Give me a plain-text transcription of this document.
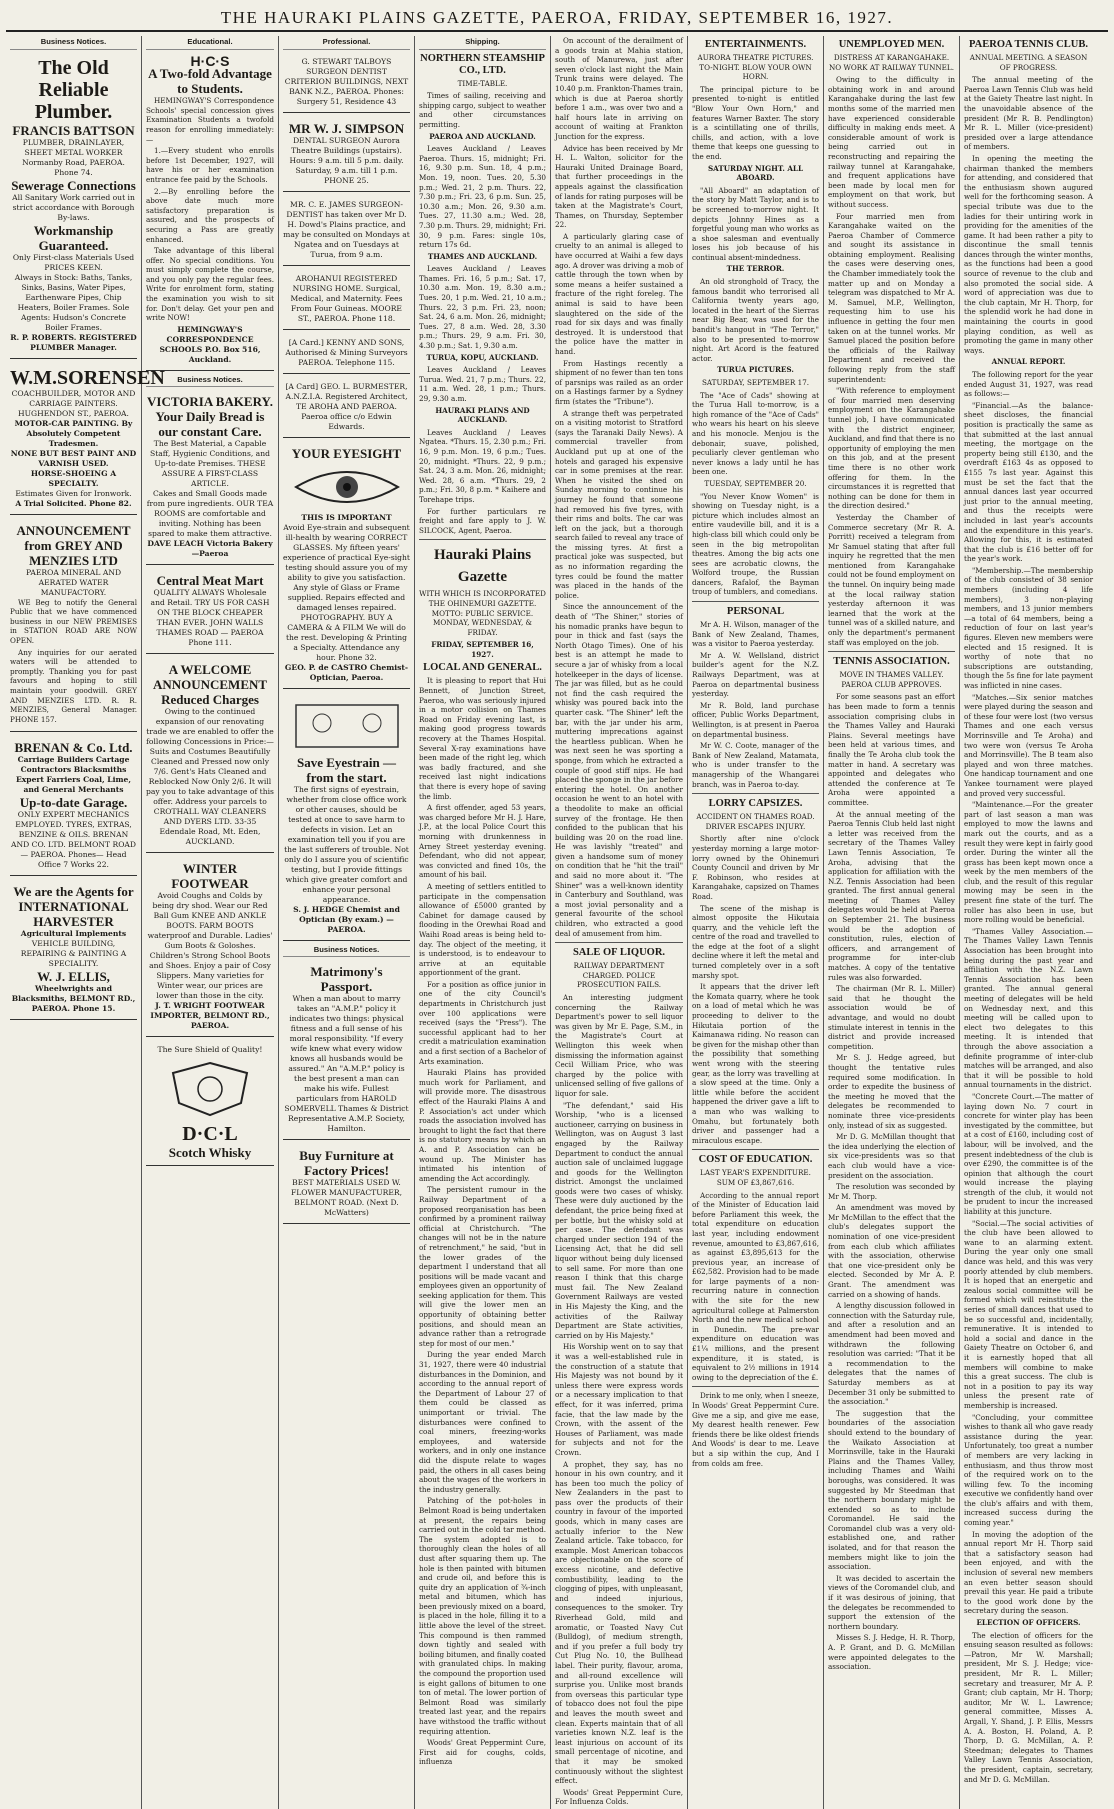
THE HAURAKI PLAINS GAZETTE, PAEROA, FRIDAY, SEPTEMBER 16, 1927.
Business Notices.
The Old Reliable Plumber.
FRANCIS BATTSON
PLUMBER, DRAINLAYER, SHEET METAL WORKER Normanby Road, PAEROA. Phone 74.
Sewerage Connections
All Sanitary Work carried out in strict accordance with Borough By-laws.
Workmanship Guaranteed.
Only First-class Materials Used PRICES KEEN.
Always in Stock: Baths, Tanks, Sinks, Basins, Water Pipes, Earthenware Pipes, Chip Heaters, Boiler Frames. Sole Agents: Hudson's Concrete Boiler Frames.
R. P. ROBERTS. REGISTERED PLUMBER Manager.
W.M.SORENSEN
COACHBUILDER, MOTOR AND CARRIAGE PAINTERS. HUGHENDON ST., PAEROA.
MOTOR-CAR PAINTING. By Absolutely Competent Tradesmen.
NONE BUT BEST PAINT AND VARNISH USED.
HORSE-SHOEING A SPECIALTY.
Estimates Given for Ironwork.
A Trial Solicited. Phone 82.
ANNOUNCEMENT from GREY AND MENZIES LTD
PAEROA MINERAL AND AERATED WATER MANUFACTORY.

WE Beg to notify the General Public that we have commenced business in our NEW PREMISES in STATION ROAD ARE NOW OPEN.

Any inquiries for our aerated waters will be attended to promptly. Thanking you for past favours and hoping to still maintain your goodwill. GREY AND MENZIES LTD. R. R. MENZIES, General Manager. PHONE 157.

BRENAN & Co. Ltd.
Carriage Builders Cartage Contractors Blacksmiths Expert Farriers Coal, Lime, and General Merchants
Up-to-date Garage.
ONLY EXPERT MECHANICS EMPLOYED. TYRES, EXTRAS, BENZINE & OILS. BRENAN AND CO. LTD. BELMONT ROAD — PAEROA. Phones— Head Office 7 Works 22.
We are the Agents for INTERNATIONAL HARVESTER
Agricultural Implements
VEHICLE BUILDING, REPAIRING & PAINTING A SPECIALITY.
W. J. ELLIS,
Wheelwrights and Blacksmiths, BELMONT RD., PAEROA. Phone 15.
Educational.
H·C·S
A Two-fold Advantage to Students.

HEMINGWAY'S Correspondence Schools' special concession gives Examination Students a twofold reason for enrolling immediately:—

1.—Every student who enrolls before 1st December, 1927, will have his or her examination entrance fee paid by the Schools.

2.—By enrolling before the above date much more satisfactory preparation is assured, and the prospects of securing a Pass are greatly enhanced.

Take advantage of this liberal offer. No special conditions. You must simply complete the course, and you only pay the regular fees. Write for enrolment form, stating the examination you wish to sit for. Don't delay. Get your pen and write NOW!

HEMINGWAY'S CORRESPONDENCE SCHOOLS P.O. Box 516, Auckland.
Business Notices.
VICTORIA BAKERY.
Your Daily Bread is our constant Care.
The Best Material, a Capable Staff, Hygienic Conditions, and Up-to-date Premises. THESE ASSURE A FIRST-CLASS ARTICLE.
Cakes and Small Goods made from pure ingredients. OUR TEA ROOMS are comfortable and inviting. Nothing has been spared to make them attractive.
DAVE LEACH Victoria Bakery—Paeroa
Central Meat Mart
QUALITY ALWAYS Wholesale and Retail. TRY US FOR CASH ON THE BLOCK CHEAPER THAN EVER. JOHN WALLS THAMES ROAD — PAEROA Phone 111.
A WELCOME ANNOUNCEMENT Reduced Charges
Owing to the continued expansion of our renovating trade we are enabled to offer the following Concessions in Price:— Suits and Costumes Beautifully Cleaned and Pressed now only 7/6. Gent's Hats Cleaned and Reblocked Now Only 2/6. It will pay you to take advantage of this offer. Address your parcels to CROTHALL WAY CLEANERS AND DYERS LTD. 33-35 Edendale Road, Mt. Eden, AUCKLAND.
WINTER FOOTWEAR
Avoid Coughs and Colds by being dry shod. Wear our Red Ball Gum KNEE AND ANKLE BOOTS. FARM BOOTS waterproof and Durable. Ladies' Gum Boots & Goloshes. Children's Strong School Boots and Shoes. Enjoy a pair of Cosy Slippers. Many varieties for Winter wear, our prices are lower than those in the city.
J. T. WRIGHT FOOTWEAR IMPORTER, BELMONT RD., PAEROA.
The Sure Shield of Quality!
D·C·L
Scotch Whisky
Professional.
G. STEWART TALBOYS SURGEON DENTIST CRITERION BUILDINGS, NEXT BANK N.Z., PAEROA. Phones: Surgery 51, Residence 43
MR W. J. SIMPSON
DENTAL SURGEON Aurora Theatre Buildings (upstairs). Hours: 9 a.m. till 5 p.m. daily. Saturday, 9 a.m. till 1 p.m. PHONE 25.
MR. C. E. JAMES SURGEON-DENTIST has taken over Mr D. H. Dowd's Plains practice, and may be consulted on Mondays at Ngatea and on Tuesdays at Turua, from 9 a.m.
AROHANUI REGISTERED NURSING HOME. Surgical, Medical, and Maternity. Fees From Four Guineas. MOORE ST., PAEROA. Phone 118.
[A Card.] KENNY AND SONS, Authorised & Mining Surveyors PAEROA. Telephone 115.
[A Card] GEO. L. BURMESTER, A.N.Z.I.A. Registered Architect, TE AROHA AND PAEROA. Paeroa office c/o Edwin Edwards.
YOUR EYESIGHT
THIS IS IMPORTANT
Avoid Eye-strain and subsequent ill-health by wearing CORRECT GLASSES. My fifteen years' experience of practical Eye-sight testing should assure you of my ability to give you satisfaction. Any style of Glass or Frame supplied. Repairs effected and damaged lenses repaired.
PHOTOGRAPHY. BUY A CAMERA & A FILM We will do the rest. Developing & Printing a Specialty. Attendance any hour. Phone 32.
GEO. P. de CASTRO Chemist-Optician, Paeroa.
Save Eyestrain — from the start.
The first signs of eyestrain, whether from close office work or other causes, should be tested at once to save harm to defects in vision. Let an examination tell you if you are the last sufferers of trouble. Not only do I assure you of scientific testing, but I provide fittings which give greater comfort and enhance your personal appearance.
S. J. HEDGE Chemist and Optician (By exam.) — PAEROA.
Business Notices.
Matrimony's Passport.
When a man about to marry takes an "A.M.P." policy it indicates two things: physical fitness and a full sense of his moral responsibility. "If every wife knew what every widow knows all husbands would be assured." An "A.M.P." policy is the best present a man can make his wife. Fullest particulars from HAROLD SOMERVELL Thames & District Representative A.M.P. Society, Hamilton.
Buy Furniture at Factory Prices!
BEST MATERIALS USED W. FLOWER MANUFACTURER, BELMONT ROAD. (Next D. McWatters)
Shipping.
NORTHERN STEAMSHIP CO., LTD.
TIME-TABLE.

Times of sailing, receiving and shipping cargo, subject to weather and other circumstances permitting.

PAEROA AND AUCKLAND.

Leaves Auckland / Leaves Paeroa. Thurs. 15, midnight; Fri. 16, 9.30 p.m. Sun. 18, 4 p.m.; Mon. 19, noon. Tues. 20, 5.30 p.m.; Wed. 21, 2 p.m. Thurs. 22, 7.30 p.m.; Fri. 23, 6 p.m. Sun. 25, 10.30 a.m.; Mon. 26, 9.30 a.m. Tues. 27, 11.30 a.m.; Wed. 28, 7.30 p.m. Thurs. 29, midnight; Fri. 30, 9 p.m. Fares: single 10s, return 17s 6d.

THAMES AND AUCKLAND.

Leaves Auckland / Leaves Thames. Fri. 16, 5 p.m.; Sat. 17, 10.30 a.m. Mon. 19, 8.30 a.m.; Tues. 20, 1 p.m. Wed. 21, 10 a.m.; Thurs. 22, 3 p.m. Fri. 23, noon; Sat. 24, 6 a.m. Mon. 26, midnight; Tues. 27, 8 a.m. Wed. 28, 3.30 p.m.; Thurs. 29, 9 a.m. Fri. 30, 4.30 p.m.; Sat. 1, 9.30 a.m.

TURUA, KOPU, AUCKLAND.

Leaves Auckland / Leaves Turua. Wed. 21, 7 p.m.; Thurs. 22, 11 a.m. Wed. 28, 1 p.m.; Thurs. 29, 9.30 a.m.

HAURAKI PLAINS AND AUCKLAND.

Leaves Auckland / Leaves Ngatea. *Thurs. 15, 2.30 p.m.; Fri. 16, 9 p.m. Mon. 19, 6 p.m.; Tues. 20, midnight. *Thurs. 22, 9 p.m.; Sat. 24, 3 a.m. Mon. 26, midnight; Wed. 28, 6 a.m. *Thurs. 29, 2 p.m.; Fri. 30, 8 p.m. * Kaihere and Torehape trips.

For further particulars re freight and fare apply to J. W. SILCOCK, Agent, Paeroa.

Hauraki Plains Gazette
WITH WHICH IS INCORPORATED THE OHINEMURI GAZETTE. MOTTO: PUBLIC SERVICE. MONDAY, WEDNESDAY, & FRIDAY.
FRIDAY, SEPTEMBER 16, 1927.
LOCAL AND GENERAL.

It is pleasing to report that Hui Bennett, of Junction Street, Paeroa, who was seriously injured in a motor collision on Thames Road on Friday evening last, is making good progress towards recovery at the Thames Hospital. Several X-ray examinations have been made of the right leg, which was badly fractured, and she received last night indications that there is every hope of saving the limb.

A first offender, aged 53 years, was charged before Mr H. J. Hare, J.P., at the local Police Court this morning with drunkenness in Arney Street yesterday evening. Defendant, who did not appear, was convicted and fined 10s, the amount of his bail.

A meeting of settlers entitled to participate in the compensation allowance of £5000 granted by Cabinet for damage caused by flooding in the Orewhai Road and Waihi Road areas is being held to-day. The object of the meeting, it is understood, is to endeavour to arrive at an equitable apportionment of the grant.

For a position as office junior in one of the city Council's departments in Christchurch just over 100 applications were received (says the "Press"). The successful applicant had to her credit a matriculation examination and a first section of a Bachelor of Arts examination.

Hauraki Plains has provided much work for Parliament, and will provide more. The disastrous effect of the Hauraki Plains A and P. Association's act under which roads the association involved has brought to light the fact that there is no statutory means by which an A. and P. Association can be wound up. The Minister has intimated his intention of amending the Act accordingly.

The persistent rumour in the Railway Department of a proposed reorganisation has been confirmed by a prominent railway official at Christchurch. "The changes will not be in the nature of retrenchment," he said, "but in the lower grades of the department I understand that all positions will be made vacant and employees given an opportunity of seeking application for them. This will give the lower men an opportunity of obtaining better positions, and should mean an advance rather than a retrograde step for most of our men."

During the year ended March 31, 1927, there were 40 industrial disturbances in the Dominion, and according to the annual report of the Department of Labour 27 of them could be classed as unimportant or trivial. The disturbances were confined to coal miners, freezing-works employees, and waterside workers, and in only one instance did the dispute relate to wages paid, the others in all cases being about the wages of the workers in the industry generally.

Patching of the pot-holes in Belmont Road is being undertaken at present, the repairs being carried out in the cold tar method. The system adopted is to thoroughly clean the holes of all dust after squaring them up. The hole is then painted with bitumen and crude oil, and before this is quite dry an application of ¾-inch metal and bitumen, which has been previously mixed on a board, is placed in the hole, filling it to a little above the level of the street. This compound is then rammed down tightly and sealed with boiling bitumen, and finally coated with granulated chips. In making the compound the proportion used is eight gallons of bitumen to one ton of metal. The lower portion of Belmont Road was similarly treated last year, and the repairs have withstood the traffic without requiring attention.

Woods' Great Peppermint Cure, First aid for coughs, colds, influenza

On account of the derailment of a goods train at Mahia station, south of Manurewa, just after seven o'clock last night the Main Trunk trains were delayed. The 10.40 p.m. Frankton-Thames train, which is due at Paeroa shortly before 1 a.m., was over two and a half hours late in arriving on account of waiting at Frankton Junction for the express.

Advice has been received by Mr H. L. Walton, solicitor for the Hauraki United Drainage Board, that further proceedings in the appeals against the classification of lands for rating purposes will be taken at the Magistrate's Court, Thames, on Thursday, September 22.

A particularly glaring case of cruelty to an animal is alleged to have occurred at Waihi a few days ago. A drover was driving a mob of cattle through the town when by some means a heifer sustained a fracture of the right foreleg. The animal is said to have been slaughtered on the side of the road for six days and was finally destroyed. It is understood that the police have the matter in hand.

From Hastings recently a shipment of no fewer than ten tons of parsnips was railed as an order on a Hastings farmer by a Sydney firm (states the "Tribune").

A strange theft was perpetrated on a visiting motorist to Stratford (says the Taranaki Daily News). A commercial traveller from Auckland put up at one of the hotels and garaged his expensive car in some premises at the rear. When he visited the shed on Sunday morning to continue his journey he found that someone had removed his five tyres, with their rims and bolts. The car was left on the jack, but a thorough search failed to reveal any trace of the missing tyres. At first a practical joke was suspected, but as no information regarding the tyres could be found the matter was placed in the hands of the police.

Since the announcement of the death of "The Shiner," stories of his nomadic pranks have begun to pour in thick and fast (says the North Otago Times). One of his best is an attempt he made to secure a jar of whisky from a local hotelkeeper in the days of license. The jar was filled, but as he could not find the cash required the whisky was poured back into the quarter cask. "The Shiner" left the bar, with the jar under his arm, muttering imprecations against the heartless publican. When he was next seen he was sporting a sponge, from which he extracted a couple of good stiff nips. He had placed the sponge in the jar before entering the hotel. On another occasion he went to an hotel with a theodolite to make an official survey of the frontage. He then confided to the publican that his building was 20 on the road line. He was lavishly "treated" and given a handsome sum of money on condition that he "hit the trail" and said no more about it. "The Shiner" was a well-known identity in Canterbury and Southland, was a most jovial personality and a general favourite of the school children, who extracted a good deal of amusement from him.

SALE OF LIQUOR.
RAILWAY DEPARTMENT CHARGED. POLICE PROSECUTION FAILS.

An interesting judgment concerning the Railway Department's power to sell liquor was given by Mr E. Page, S.M., in the Magistrate's Court at Wellington this week when dismissing the information against Cecil William Price, who was charged by the police with unlicensed selling of five gallons of liquor for sale.

"The defendant," said His Worship, "who is a licensed auctioneer, carrying on business in Wellington, was on August 3 last engaged by the Railway Department to conduct the annual auction sale of unclaimed luggage and goods for the Wellington district. Amongst the unclaimed goods were two cases of whisky. These were duly auctioned by the defendant, the price being fixed at per bottle, but the whisky sold at per case. The defendant was charged under section 194 of the Licensing Act, that he did sell liquor without being duly licensed to sell same. For more than one reason I think that this charge must fail. The New Zealand Government Railways are vested in His Majesty the King, and the activities of the Railway Department are State activities, carried on by His Majesty."

His Worship went on to say that it was a well-established rule in the construction of a statute that His Majesty was not bound by it unless there were express words or a necessary implication to that effect, for it was inferred, prima facie, that the law made by the Crown, with the assent of the Houses of Parliament, was made for subjects and not for the Crown.

A prophet, they say, has no honour in his own country, and it has been too much the policy of New Zealanders in the past to pass over the products of their country in favour of the imported goods, which in many cases are actually inferior to the New Zealand article. Take tobacco, for example. Most American tobaccos are objectionable on the score of excess nicotine, and defective combustibility, leading to the clogging of pipes, with unpleasant, and indeed injurious, consequences to the smoker. Try Riverhead Gold, mild and aromatic, or Toasted Navy Cut (Bulldog), of medium strength, and if you prefer a full body try Cut Plug No. 10, the Bullhead label. Their purity, flavour, aroma, and all-round excellence will surprise you. Unlike most brands from overseas this particular type of tobacco does not foul the pipe and leaves the mouth sweet and clean. Experts maintain that of all varieties known N.Z. leaf is the least injurious on account of its small percentage of nicotine, and that it may be smoked continuously without the slightest effect.

Woods' Great Peppermint Cure, For Influenza Colds.

ENTERTAINMENTS.
AURORA THEATRE PICTURES. TO-NIGHT. BLOW YOUR OWN HORN.

The principal picture to be presented to-night is entitled "Blow Your Own Horn," and features Warner Baxter. The story is a scintillating one of thrills, chills, and action, with a love theme that keeps one guessing to the end.

SATURDAY NIGHT. ALL ABOARD.

"All Aboard" an adaptation of the story by Matt Taylor, and is to be screened to-morrow night. It depicts Johnny Hines as a forgetful young man who works as a shoe salesman and eventually loses his job because of his continual absent-mindedness.

THE TERROR.

An old stronghold of Tracy, the famous bandit who terrorised all California twenty years ago, located in the heart of the Sierras near Big Bear, was used for the bandit's hangout in "The Terror," also to be presented to-morrow night. Art Acord is the featured actor.

TURUA PICTURES.
SATURDAY, SEPTEMBER 17.

The "Ace of Cads" showing at the Turua Hall to-morrow, is a high romance of the "Ace of Cads" who wears his heart on his sleeve and his monocle. Menjou is the debonair, suave, polished, peculiarly clever gentleman who never knows a lady until he has been one.

TUESDAY, SEPTEMBER 20.

"You Never Know Women" is showing on Tuesday night, is a picture which includes almost an entire vaudeville bill, and it is a high-class bill which could only be seen in the big metropolitan theatres. Among the big acts one sees are acrobatic clowns, the Wolford troupe, the Russian dancers, Rafalof, the Bayman troup of tumblers, and comedians.

PERSONAL

Mr A. H. Wilson, manager of the Bank of New Zealand, Thames, was a visitor to Paeroa yesterday.

Mr A. W. Wellsland, district builder's agent for the N.Z. Railways Department, was at Paeroa on departmental business yesterday.

Mr R. Bold, land purchase officer, Public Works Department, Wellington, is at present in Paeroa on departmental business.

Mr W. C. Coote, manager of the Bank of New Zealand, Matamata, who is under transfer to the managership of the Whangarei branch, was in Paeroa to-day.

LORRY CAPSIZES.
ACCIDENT ON THAMES ROAD. DRIVER ESCAPES INJURY.

Shortly after nine o'clock yesterday morning a large motor-lorry owned by the Ohinemuri County Council and driven by Mr F. Robinson, who resides at Karangahake, capsized on Thames Road.

The scene of the mishap is almost opposite the Hikutaia quarry, and the vehicle left the centre of the road and travelled to the edge at the foot of a slight decline where it left the metal and turned completely over in a soft marshy spot.

It appears that the driver left the Komata quarry, where he took on a load of metal which he was proceeding to deliver to the Hikutaia portion of the Kaimanawa riding. No reason can be given for the mishap other than the possibility that something went wrong with the steering gear, as the lorry was travelling at a slow speed at the time. Only a little while before the accident happened the driver gave a lift to a man who was walking to Omahu, but fortunately both driver and passenger had a miraculous escape.

COST OF EDUCATION.
LAST YEAR'S EXPENDITURE. SUM OF £3,867,616.

According to the annual report of the Minister of Education laid before Parliament this week, the total expenditure on education last year, including endowment revenue, amounted to £3,867,616, as against £3,895,613 for the previous year, an increase of £62,582. Provision had to be made for large payments of a non-recurring nature in connection with the site for the new agricultural college at Palmerston North and the new medical school in Dunedin. The pre-war expenditure on education was £1¼ millions, and the present expenditure, it is stated, is equivalent to 2½ millions in 1914 owing to the depreciation of the £.

Drink to me only, when I sneeze, In Woods' Great Peppermint Cure. Give me a sip, and give me ease, My dearest health renewer. Few friends there be like oldest friends And Woods' is dear to me. Leave but a sip within the cup, And I from colds am free.

UNEMPLOYED MEN.
DISTRESS AT KARANGAHAKE. NO WORK AT RAILWAY TUNNEL.

Owing to the difficulty in obtaining work in and around Karangahake during the last few months some of the married men have experienced considerable difficulty in making ends meet. A considerable amount of work is being carried out in reconstructing and repairing the railway tunnel at Karangahake, and frequent applications have been made by local men for employment on that work, but without success.

Four married men from Karangahake waited on the Paeroa Chamber of Commerce and sought its assistance in obtaining employment. Realising the cases were deserving ones, the Chamber immediately took the matter up and on Monday a telegram was dispatched to Mr A. M. Samuel, M.P., Wellington, requesting him to use his influence in getting the four men taken on at the tunnel works. Mr Samuel placed the position before the officials of the Railway Department and received the following reply from the staff superintendent:

"With reference to employment of four married men deserving employment on the Karangahake tunnel job, I have communicated with the district engineer, Auckland, and find that there is no opportunity of employing the men on this job, and at the present time there is no other work offering for them. In the circumstances it is regretted that nothing can be done for them in the direction desired."

Yesterday the Chamber of Commerce secretary (Mr R. A. Porritt) received a telegram from Mr Samuel stating that after full inquiry he regretted that the men mentioned from Karangahake could not be found employment on the tunnel. On inquiry being made at the local railway station yesterday afternoon it was learned that the work at the tunnel was of a skilled nature, and only the department's permanent staff was employed on the job.

TENNIS ASSOCIATION.
MOVE IN THAMES VALLEY. PAEROA CLUB APPROVES.

For some seasons past an effort has been made to form a tennis association comprising clubs in the Thames Valley and Hauraki Plains. Several meetings have been held at various times, and finally the Te Aroha club took the matter in hand. A secretary was appointed and delegates who attended the conference at Te Aroha were appointed a committee.

At the annual meeting of the Paeroa Tennis Club held last night a letter was received from the secretary of the Thames Valley Lawn Tennis Association, Te Aroha, advising that the application for affiliation with the N.Z. Tennis Association had been granted. The first annual general meeting of Thames Valley delegates would be held at Paeroa on September 21. The business would be the adoption of constitution, rules, election of officers, and arrangement of programme for inter-club matches. A copy of the tentative rules was also forwarded.

The chairman (Mr R. L. Miller) said that he thought the association would be of advantage, and would no doubt stimulate interest in tennis in the district and provide increased competition.

Mr S. J. Hedge agreed, but thought the tentative rules required some modification. In order to expedite the business of the meeting he moved that the delegates be recommended to nominate three vice-presidents only, instead of six as suggested.

Mr D. G. McMillan thought that the idea underlying the election of six vice-presidents was so that each club would have a vice-president on the association.

The resolution was seconded by Mr M. Thorp.

An amendment was moved by Mr McMillan to the effect that the club's delegates support the nomination of one vice-president from each club which affiliates with the association, otherwise that one vice-president only be elected. Seconded by Mr A. P. Grant. The amendment was carried on a showing of hands.

A lengthy discussion followed in connection with the Saturday rule, and after a resolution and an amendment had been moved and withdrawn the following resolution was carried: "That it be a recommendation to the delegates that the names of Saturday members as at December 31 only be submitted to the association."

The suggestion that the boundaries of the association should extend to the boundary of the Waikato Association at Morrinsville, take in the Hauraki Plains and the Thames Valley, including Thames and Waihi boroughs, was considered. It was suggested by Mr Steedman that the northern boundary might be extended so as to include Coromandel. He said the Coromandel club was a very old-established one, and rather isolated, and for that reason the members might like to join the association.

It was decided to ascertain the views of the Coromandel club, and if it was desirous of joining, that the delegates be recommended to support the extension of the northern boundary.

Misses S. J. Hedge, H. R. Thorp, A. P. Grant, and D. G. McMillan were appointed delegates to the association.

PAEROA TENNIS CLUB.
ANNUAL MEETING. A SEASON OF PROGRESS.

The annual meeting of the Paeroa Lawn Tennis Club was held at the Gaiety Theatre last night. In the unavoidable absence of the president (Mr R. B. Pendlington) Mr R. L. Miller (vice-president) presided over a large attendance of members.

In opening the meeting the chairman thanked the members for attending, and considered that the enthusiasm shown augured well for the forthcoming season. A special tribute was due to the ladies for their untiring work in providing for the amenities of the game. It had been rather a pity to discontinue the small tennis dances through the winter months, as the functions had been a good source of revenue to the club and also promoted the social side. A word of appreciation was due to the club captain, Mr H. Thorp, for the splendid work he had done in maintaining the courts in good playing condition, as well as promoting the game in many other ways.

ANNUAL REPORT.

The following report for the year ended August 31, 1927, was read as follows:—

"Financial.—As the balance-sheet discloses, the financial position is practically the same as that submitted at the last annual meeting, the mortgage on the property being still £130, and the overdraft £163 4s as opposed to £155 7s last year. Against this must be set the fact that the annual dances last year occurred just prior to the annual meeting, and thus the receipts were included in last year's accounts and the expenditure in this year's. Allowing for this, it is estimated that the club is £16 better off for the year's work.

"Membership.—The membership of the club consisted of 38 senior members (including 4 life members), 3 non-playing members, and 13 junior members—a total of 64 members, being a reduction of four on last year's figures. Eleven new members were elected and 15 resigned. It is worthy of note that no subscriptions are outstanding, though the 5s fine for late payment was inflicted in nine cases.

"Matches.—Six senior matches were played during the season and of these four were lost (two versus Thames and one each versus Morrinsville and Te Aroha) and two were won (versus Te Aroha and Morrinsville). The B team also played and won three matches. One handicap tournament and one Yankee tournament were played and proved very successful.

"Maintenance.—For the greater part of last season a man was employed to mow the lawns and mark out the courts, and as a result they were kept in fairly good order. During the winter all the grass has been kept mown once a week by the men members of the club, and the result of this regular mowing may be seen in the present fine state of the turf. The roller has also been in use, but more rolling would be beneficial.

"Thames Valley Association.—The Thames Valley Lawn Tennis Association has been brought into being during the past year and affiliation with the N.Z. Lawn Tennis Association has been granted. The annual general meeting of delegates will be held on Wednesday next, and this meeting will be called upon to elect two delegates to this meeting. It is intended that through the above association a definite programme of inter-club matches will be arranged, and also that it will be possible to hold annual tournaments in the district.

"Concrete Court.—The matter of laying down No. 7 court in concrete for winter play has been investigated by the committee, but at a cost of £160, including cost of labour, will be involved, and the present indebtedness of the club is over £290, the committee is of the opinion that although the court would increase the playing strength of the club, it would not be prudent to incur the increased liability at this juncture.

"Social.—The social activities of the club have been allowed to wane to an alarming extent. During the year only one small dance was held, and this was very poorly attended by club members. It is hoped that an energetic and zealous social committee will be formed which will reinstitute the series of small dances that used to be so successful and, incidentally, remunerative. It is intended to hold a social and dance in the Gaiety Theatre on October 6, and it is earnestly hoped that all members will combine to make this a great success. The club is not in a position to pay its way unless the present rate of membership is increased.

"Concluding, your committee wishes to thank all who gave ready assistance during the year. Unfortunately, too great a number of members are very lacking in enthusiasm, and thus throw most of the required work on to the willing few. To the incoming executive we confidently hand over the club's affairs and with them, increased success during the coming year."

In moving the adoption of the annual report Mr H. Thorp said that a satisfactory season had been enjoyed, and with the inclusion of several new members an even better season should prevail this year. He paid a tribute to the good work done by the secretary during the season.

ELECTION OF OFFICERS.

The election of officers for the ensuing season resulted as follows:—Patron, Mr W. Marshall; president, Mr S. J. Hedge; vice-president, Mr R. L. Miller; secretary and treasurer, Mr A. P. Grant; club captain, Mr H. Thorp; auditor, Mr W. L. Lawrence; general committee, Misses A. Argall, Y. Shand, J. P. Ellis, Messrs A. A. Boston, H. Poland, A. P. Thorp, D. G. McMillan, A. P. Steedman; delegates to Thames Valley Lawn Tennis Association, the president, captain, secretary, and Mr D. G. McMillan.
